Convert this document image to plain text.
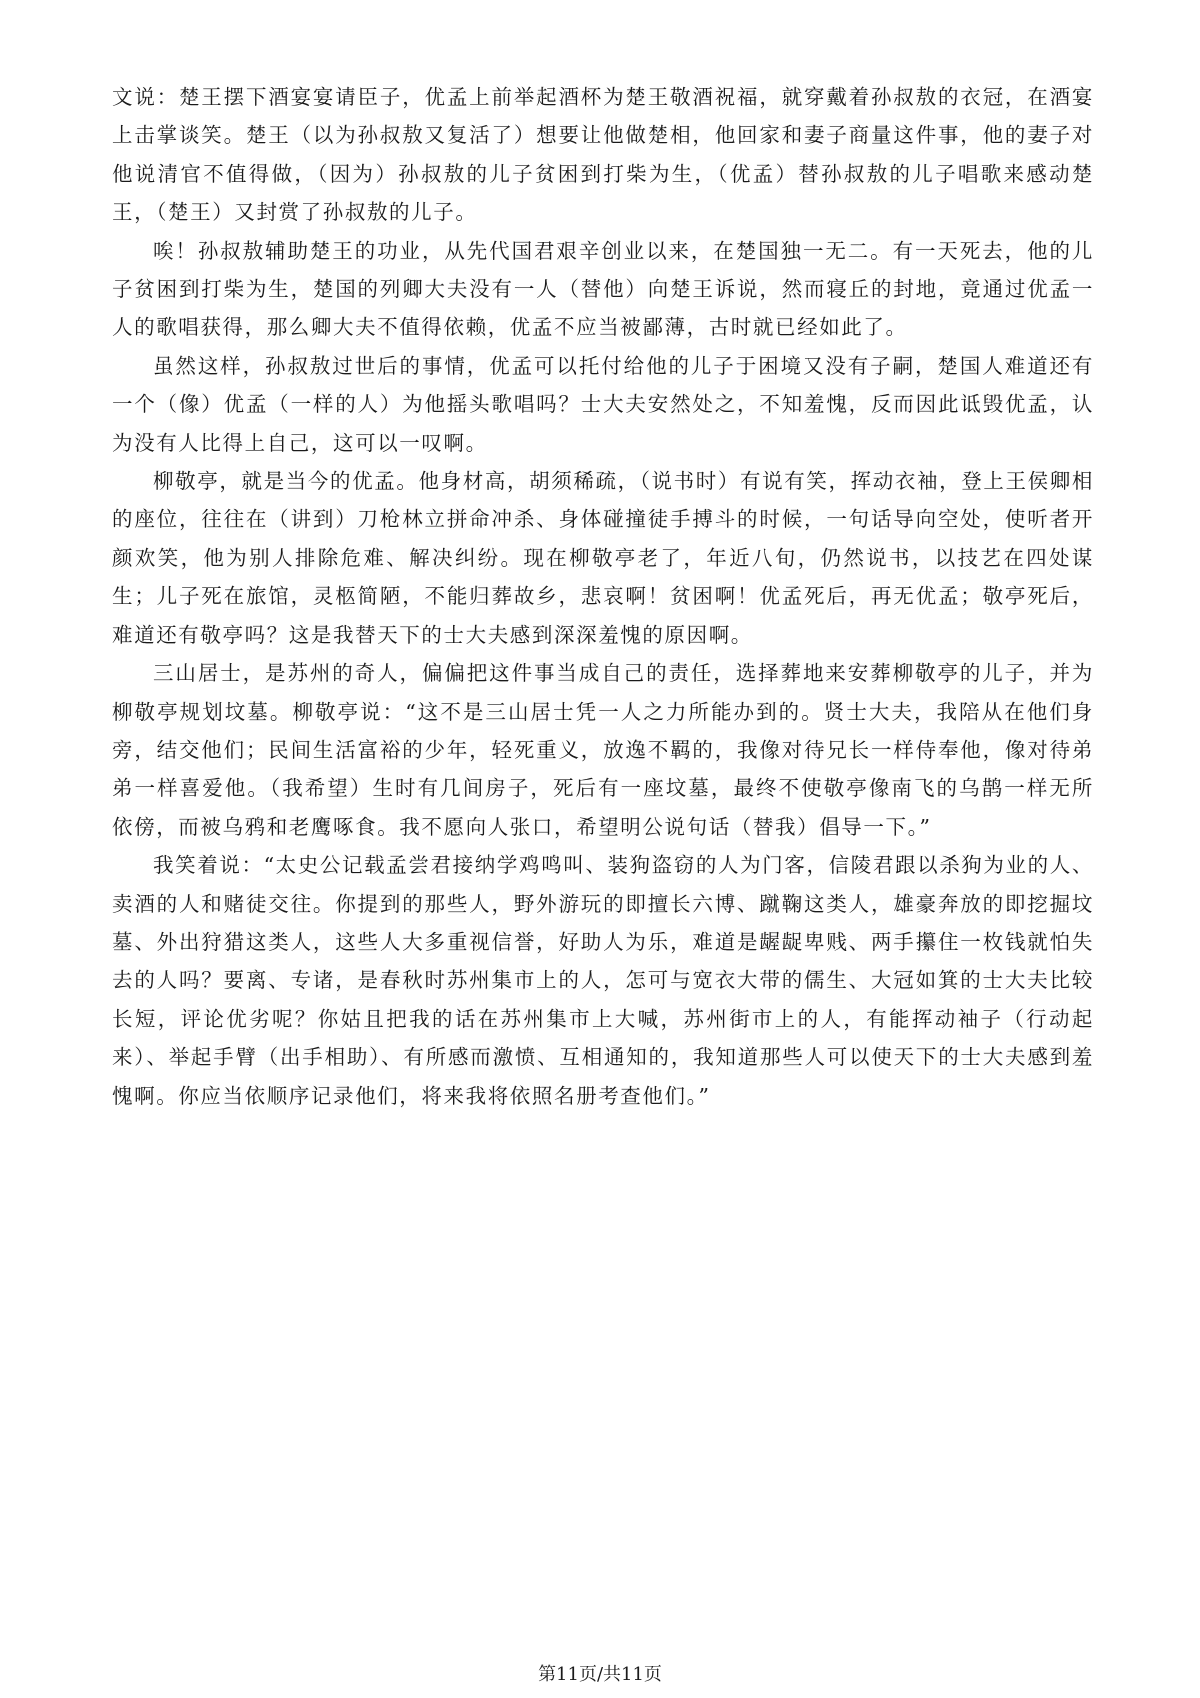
文说：楚王摆下酒宴宴请臣子，优孟上前举起酒杯为楚王敬酒祝福，就穿戴着孙叔敖的衣冠，在酒宴上击掌谈笑。楚王（以为孙叔敖又复活了）想要让他做楚相，他回家和妻子商量这件事，他的妻子对他说清官不值得做，（因为）孙叔敖的儿子贫困到打柴为生，（优孟）替孙叔敖的儿子唱歌来感动楚王，（楚王）又封赏了孙叔敖的儿子。

唉！孙叔敖辅助楚王的功业，从先代国君艰辛创业以来，在楚国独一无二。有一天死去，他的儿子贫困到打柴为生，楚国的列卿大夫没有一人（替他）向楚王诉说，然而寝丘的封地，竟通过优孟一人的歌唱获得，那么卿大夫不值得依赖，优孟不应当被鄙薄，古时就已经如此了。

虽然这样，孙叔敖过世后的事情，优孟可以托付给他的儿子于困境又没有子嗣，楚国人难道还有一个（像）优孟（一样的人）为他摇头歌唱吗？士大夫安然处之，不知羞愧，反而因此诋毁优孟，认为没有人比得上自己，这可以一叹啊。

柳敬亭，就是当今的优孟。他身材高，胡须稀疏，（说书时）有说有笑，挥动衣袖，登上王侯卿相的座位，往往在（讲到）刀枪林立拼命冲杀、身体碰撞徒手搏斗的时候，一句话导向空处，使听者开颜欢笑，他为别人排除危难、解决纠纷。现在柳敬亭老了，年近八旬，仍然说书，以技艺在四处谋生；儿子死在旅馆，灵柩简陋，不能归葬故乡，悲哀啊！贫困啊！优孟死后，再无优孟；敬亭死后，难道还有敬亭吗？这是我替天下的士大夫感到深深羞愧的原因啊。

三山居士，是苏州的奇人，偏偏把这件事当成自己的责任，选择葬地来安葬柳敬亭的儿子，并为柳敬亭规划坟墓。柳敬亭说：“这不是三山居士凭一人之力所能办到的。贤士大夫，我陪从在他们身旁，结交他们；民间生活富裕的少年，轻死重义，放逸不羁的，我像对待兄长一样侍奉他，像对待弟弟一样喜爱他。（我希望）生时有几间房子，死后有一座坟墓，最终不使敬亭像南飞的乌鹊一样无所依傍，而被乌鸦和老鹰啄食。我不愿向人张口，希望明公说句话（替我）倡导一下。”

我笑着说：“太史公记载孟尝君接纳学鸡鸣叫、装狗盗窃的人为门客，信陵君跟以杀狗为业的人、卖酒的人和赌徒交往。你提到的那些人，野外游玩的即擅长六博、蹴鞠这类人，雄豪奔放的即挖掘坟墓、外出狩猎这类人，这些人大多重视信誉，好助人为乐，难道是龌龊卑贱、两手攥住一枚钱就怕失去的人吗？要离、专诸，是春秋时苏州集市上的人，怎可与宽衣大带的儒生、大冠如箕的士大夫比较长短，评论优劣呢？你姑且把我的话在苏州集市上大喊，苏州街市上的人，有能挥动袖子（行动起来）、举起手臂（出手相助）、有所感而激愤、互相通知的，我知道那些人可以使天下的士大夫感到羞愧啊。你应当依顺序记录他们，将来我将依照名册考查他们。”

第11页/共11页
